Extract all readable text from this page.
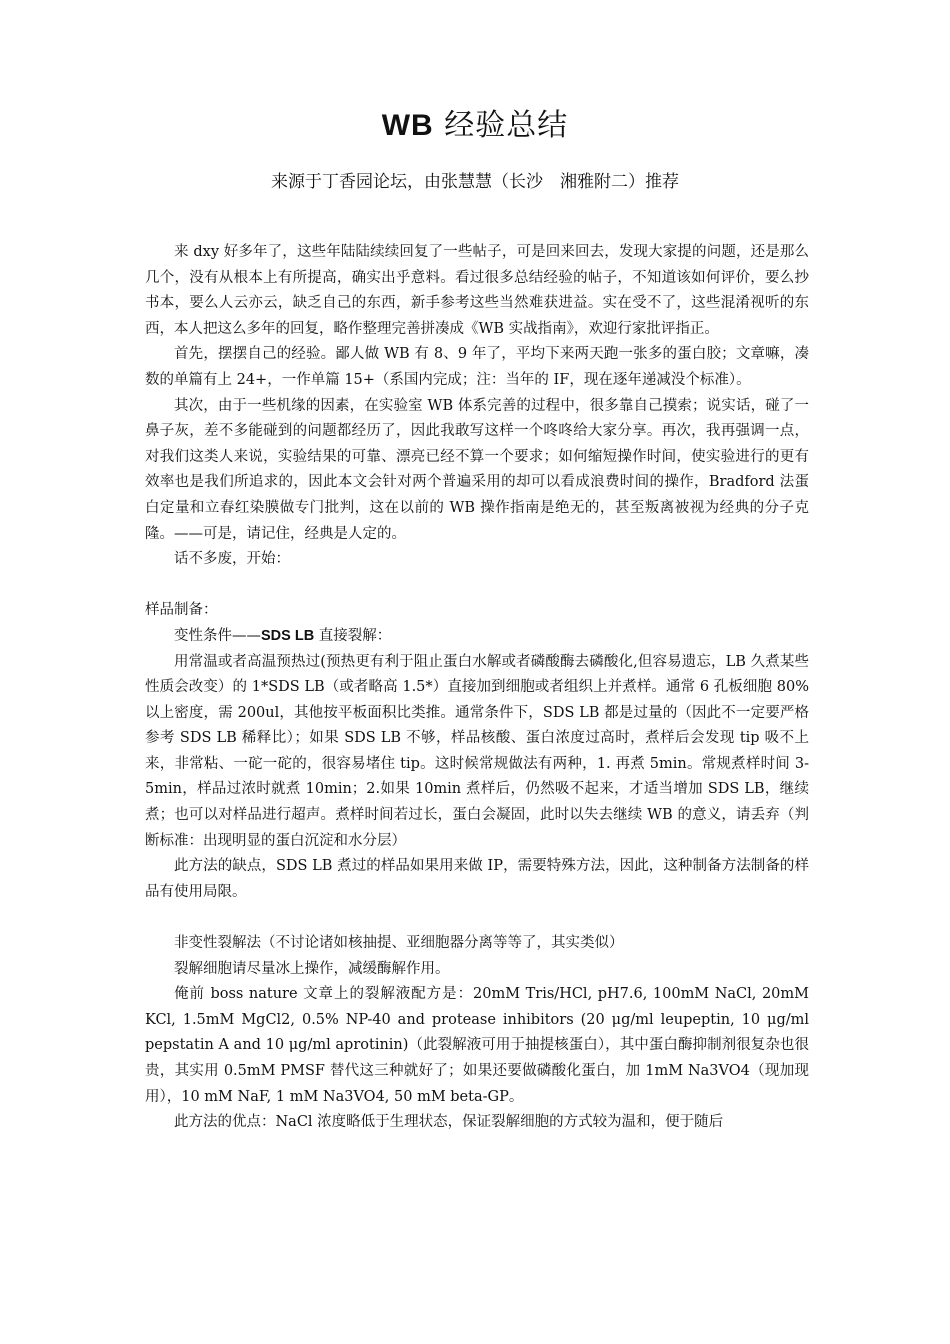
WB 经验总结
来源于丁香园论坛，由张慧慧（长沙　湘雅附二）推荐

来 dxy 好多年了，这些年陆陆续续回复了一些帖子，可是回来回去，发现大家提的问题，还是那么几个，没有从根本上有所提高，确实出乎意料。看过很多总结经验的帖子，不知道该如何评价，要么抄书本，要么人云亦云，缺乏自己的东西，新手参考这些当然难获进益。实在受不了，这些混淆视听的东西，本人把这么多年的回复，略作整理完善拼凑成《WB 实战指南》，欢迎行家批评指正。

首先，摆摆自己的经验。鄙人做 WB 有 8、9 年了，平均下来两天跑一张多的蛋白胶；文章嘛，凑数的单篇有上 24+，一作单篇 15+（系国内完成；注：当年的 IF，现在逐年递减没个标准）。

其次，由于一些机缘的因素，在实验室 WB 体系完善的过程中，很多靠自己摸索；说实话，碰了一鼻子灰，差不多能碰到的问题都经历了，因此我敢写这样一个咚咚给大家分享。再次，我再强调一点，对我们这类人来说，实验结果的可靠、漂亮已经不算一个要求；如何缩短操作时间，使实验进行的更有效率也是我们所追求的，因此本文会针对两个普遍采用的却可以看成浪费时间的操作，Bradford 法蛋白定量和立春红染膜做专门批判，这在以前的 WB 操作指南是绝无的，甚至叛离被视为经典的分子克隆。——可是，请记住，经典是人定的。

话不多废，开始：

样品制备：

变性条件——SDS LB 直接裂解：

用常温或者高温预热过(预热更有利于阻止蛋白水解或者磷酸酶去磷酸化,但容易遗忘，LB 久煮某些性质会改变）的 1*SDS LB（或者略高 1.5*）直接加到细胞或者组织上并煮样。通常 6 孔板细胞 80%以上密度，需 200ul，其他按平板面积比类推。通常条件下，SDS LB 都是过量的（因此不一定要严格参考 SDS LB 稀释比）；如果 SDS LB 不够，样品核酸、蛋白浓度过高时，煮样后会发现 tip 吸不上来，非常粘、一砣一砣的，很容易堵住 tip。这时候常规做法有两种，1. 再煮 5min。常规煮样时间 3-5min，样品过浓时就煮 10min；2.如果 10min 煮样后，仍然吸不起来，才适当增加 SDS LB，继续煮；也可以对样品进行超声。煮样时间若过长，蛋白会凝固，此时以失去继续 WB 的意义，请丢弃（判断标准：出现明显的蛋白沉淀和水分层）

此方法的缺点，SDS LB 煮过的样品如果用来做 IP，需要特殊方法，因此，这种制备方法制备的样品有使用局限。

非变性裂解法（不讨论诸如核抽提、亚细胞器分离等等了，其实类似）

裂解细胞请尽量冰上操作，减缓酶解作用。

俺前 boss nature 文章上的裂解液配方是：20mM Tris/HCl, pH7.6, 100mM NaCl, 20mM KCl, 1.5mM MgCl2, 0.5% NP-40 and protease inhibitors (20 μg/ml leupeptin, 10 μg/ml pepstatin A and 10 μg/ml aprotinin)（此裂解液可用于抽提核蛋白），其中蛋白酶抑制剂很复杂也很贵，其实用 0.5mM PMSF 替代这三种就好了；如果还要做磷酸化蛋白，加 1mM Na3VO4（现加现用），10 mM NaF, 1 mM Na3VO4, 50 mM beta-GP。

此方法的优点：NaCl 浓度略低于生理状态，保证裂解细胞的方式较为温和，便于随后
